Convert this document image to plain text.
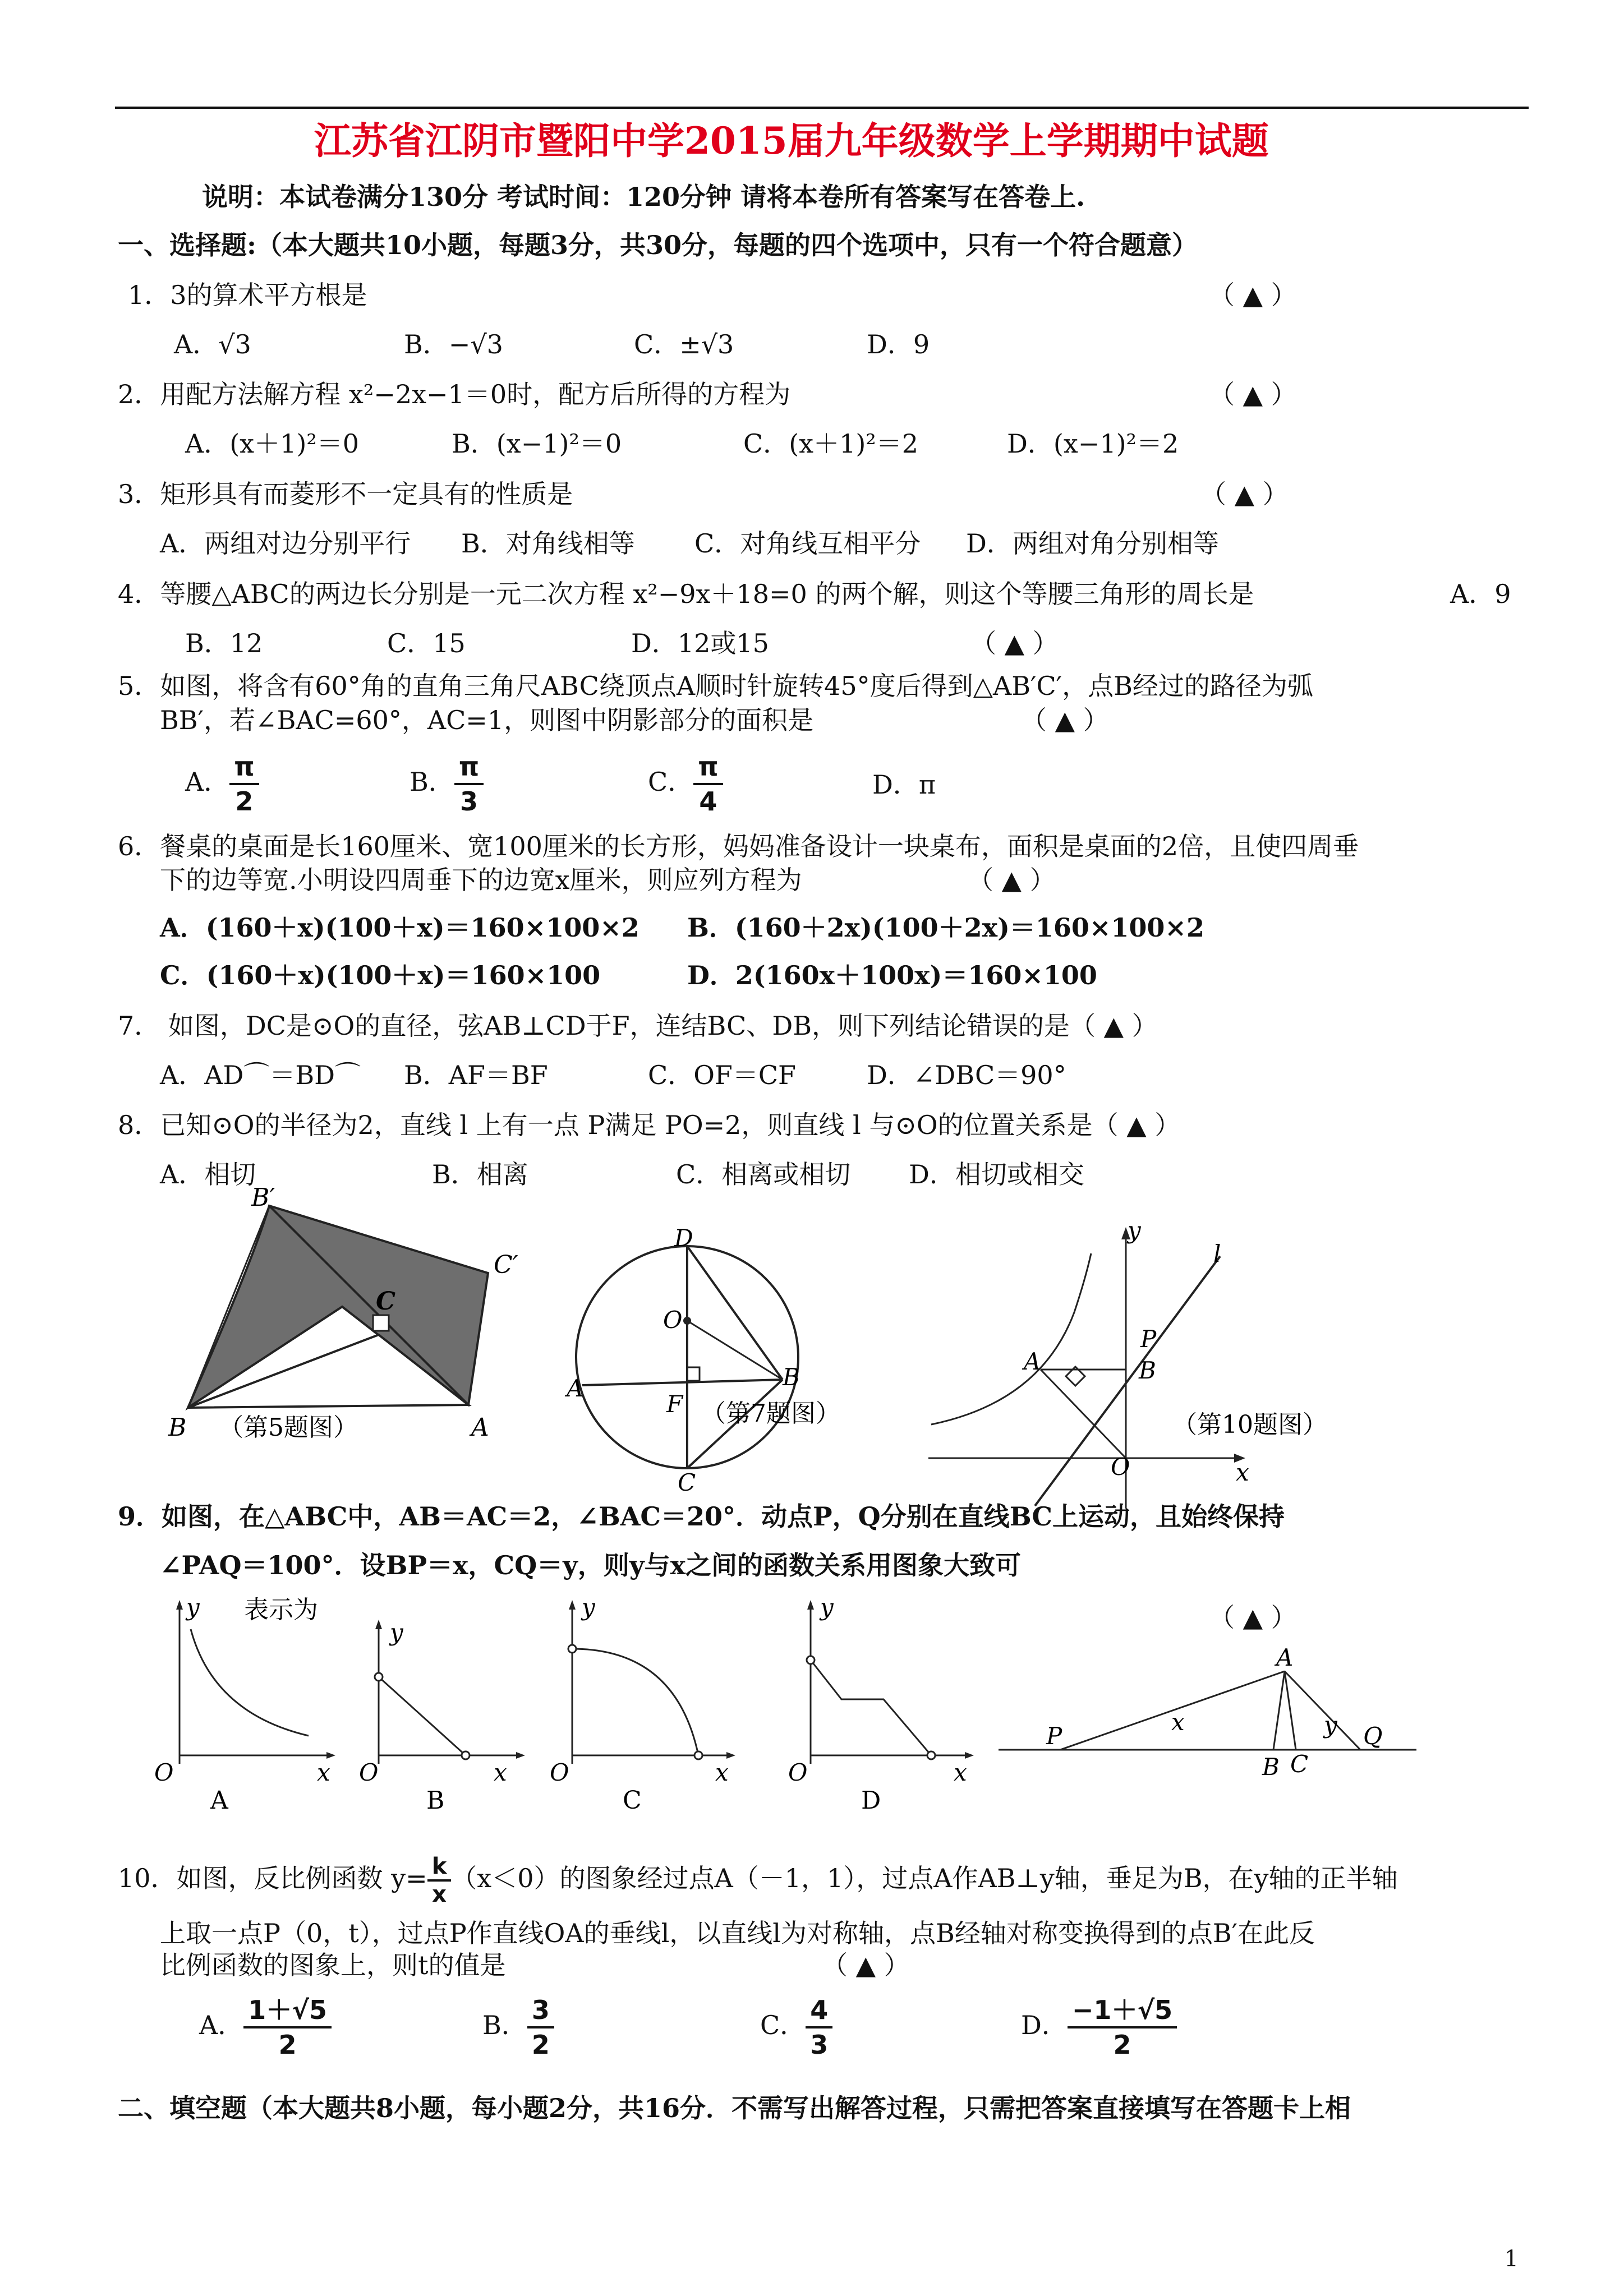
江苏省江阴市暨阳中学2015届九年级数学上学期期中试题
说明：本试卷满分130分 考试时间：120分钟 请将本卷所有答案写在答卷上.
一、选择题:（本大题共10小题，每题3分，共30分，每题的四个选项中，只有一个符合题意）
1．3的算术平方根是	（ ▲ ）
A．√3	B．−√3	C．±√3	D．9
2．用配方法解方程 x²−2x−1＝0时，配方后所得的方程为	（ ▲ ）
A．(x＋1)²＝0	B．(x−1)²＝0	C．(x＋1)²＝2	D．(x−1)²＝2
3．矩形具有而菱形不一定具有的性质是	（ ▲ ）
A．两组对边分别平行 B．对角线相等 C．对角线互相平分 D．两组对角分别相等
4．等腰△ABC的两边长分别是一元二次方程 x²−9x＋18=0 的两个解，则这个等腰三角形的周长是	A．9
B．12	C．15	D．12或15	（ ▲ ）
5．如图，将含有60°角的直角三角尺ABC绕顶点A顺时针旋转45°度后得到△AB′C′，点B经过的路径为弧
BB′，若∠BAC=60°，AC=1，则图中阴影部分的面积是	（ ▲ ）
A． $\frac{\pi}{2}$	B． $\frac{\pi}{3}$	C． $\frac{\pi}{4}$	D．π
6．餐桌的桌面是长160厘米、宽100厘米的长方形，妈妈准备设计一块桌布，面积是桌面的2倍，且使四周垂
下的边等宽.小明设四周垂下的边宽x厘米，则应列方程为	（ ▲ ）
A．(160＋x)(100＋x)＝160×100×2 B．(160＋2x)(100＋2x)＝160×100×2
C．(160＋x)(100＋x)＝160×100	D．2(160x＋100x)＝160×100
7． 如图，DC是⊙O的直径，弦AB⊥CD于F，连结BC、DB，则下列结论错误的是（ ▲ ）
A．AD⌒＝BD⌒ B．AF＝BF	C．OF＝CF	D．∠DBC＝90°
8．已知⊙O的半径为2，直线 l 上有一点 P满足 PO=2，则直线 l 与⊙O的位置关系是（ ▲ ）
A．相切	B．相离	C．相离或相切 D．相切或相交
B
B′
C
C′
A
（第5题图）
D
O
A
F
B
C
（第7题图）
y
l
P
A	B
O	x
（第10题图）
9．如图，在△ABC中，AB＝AC＝2，∠BAC＝20°．动点P，Q分别在直线BC上运动，且始终保持
∠PAQ＝100°．设BP＝x，CQ＝y，则y与x之间的函数关系用图象大致可
（ ▲ ）
表示为
y
O	x
A
y
O	x
B
y
O	x
C
y
O	x
D
A
P
x	y Q
B C
10．如图，反比例函数 $y= \frac{k}{x} (x<0)$的图象经过点A（－1，1），过点A作AB⊥y轴，垂足为B，在y轴的正半轴
上取一点P（0，t），过点P作直线OA的垂线l，以直线l为对称轴，点B经轴对称变换得到的点B′在此反
比例函数的图象上，则t的值是	（ ▲ ）
A． $\frac{1+√5}{2}$	B． $\frac{3}{2}$	C． $\frac{4}{3}$	D． $\frac{-1+√5}{2}$
二、填空题（本大题共8小题，每小题2分，共16分．不需写出解答过程，只需把答案直接填写在答题卡上相
1
